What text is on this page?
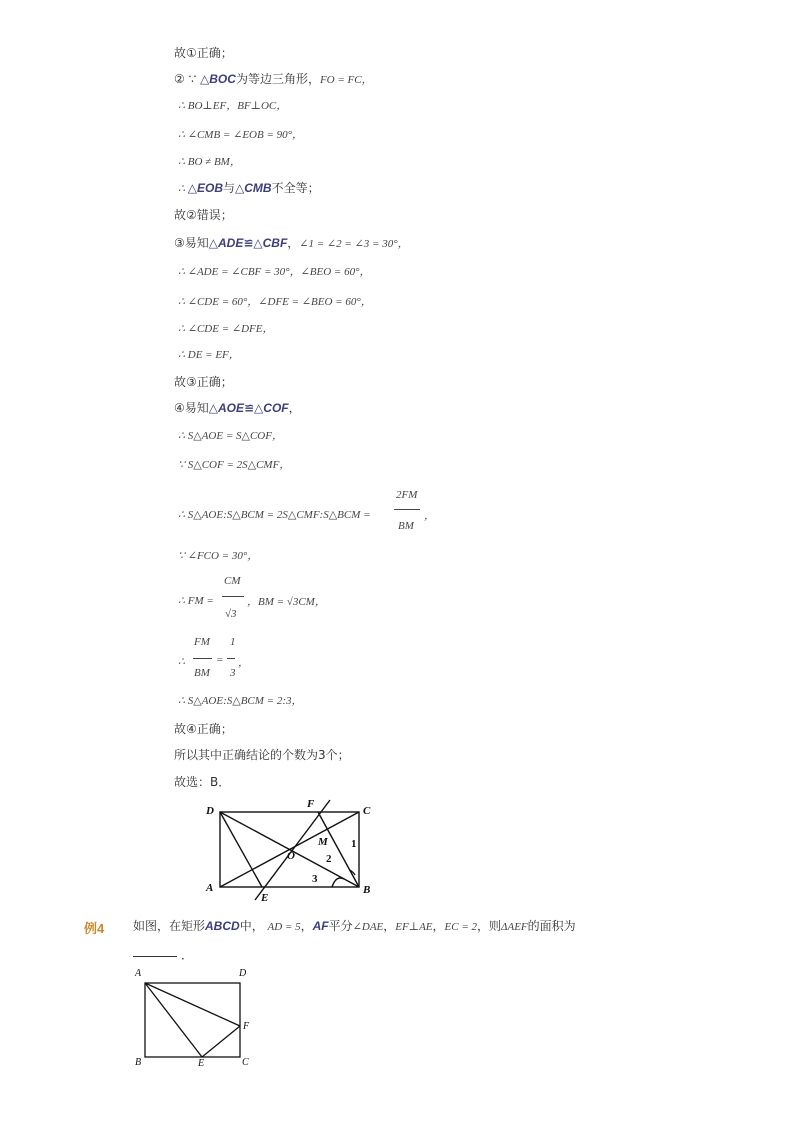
故①正确；
② ∵ △BOC为等边三角形，FO = FC，
∴ BO⊥EF，BF⊥OC，
∴ ∠CMB = ∠EOB = 90°，
∴ BO ≠ BM，
∴ △EOB与△CMB不全等；
故②错误；
③易知△ADE≌△CBF，∠1 = ∠2 = ∠3 = 30°，
∴ ∠ADE = ∠CBF = 30°，∠BEO = 60°，
∴ ∠CDE = 60°，∠DFE = ∠BEO = 60°，
∴ ∠CDE = ∠DFE，
∴ DE = EF，
故③正确；
④易知△AOE≌△COF，
∴ S△AOE = S△COF，
∵ S△COF = 2S△CMF，
∴ S△AOE:S△BCM = 2S△CMF:S△BCM =
2FM
BM
，
∵ ∠FCO = 30°，
∴ FM =
CM
√3
，BM = √3CM，
∴
FM
BM
=
1
3
，
∴ S△AOE:S△BCM = 2:3，
故④正确；
所以其中正确结论的个数为3个；
故选：B．
D	C
A	B
F
E
O
M 1
2
3
例4 如图，在矩形ABCD中， AD = 5，AF平分∠DAE，EF⊥AE，EC = 2，则ΔAEF的面积为
．
A	D
F
B	E	C
